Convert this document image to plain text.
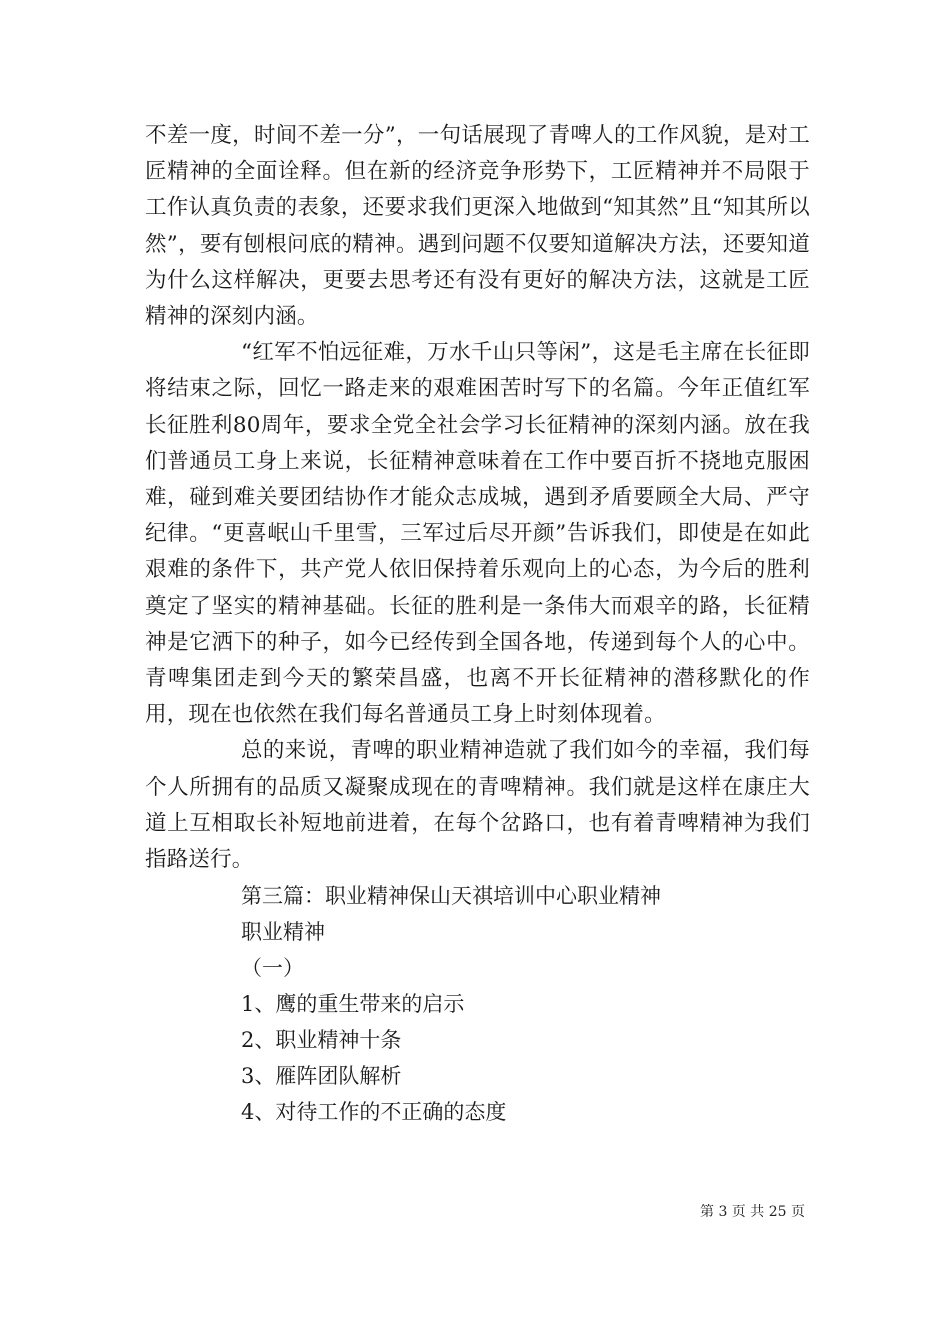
不差一度，时间不差一分”，一句话展现了青啤人的工作风貌，是对工匠精神的全面诠释。但在新的经济竞争形势下，工匠精神并不局限于工作认真负责的表象，还要求我们更深入地做到“知其然”且“知其所以然”，要有刨根问底的精神。遇到问题不仅要知道解决方法，还要知道为什么这样解决，更要去思考还有没有更好的解决方法，这就是工匠精神的深刻内涵。

“红军不怕远征难，万水千山只等闲”，这是毛主席在长征即将结束之际，回忆一路走来的艰难困苦时写下的名篇。今年正值红军长征胜利80周年，要求全党全社会学习长征精神的深刻内涵。放在我们普通员工身上来说，长征精神意味着在工作中要百折不挠地克服困难，碰到难关要团结协作才能众志成城，遇到矛盾要顾全大局、严守纪律。“更喜岷山千里雪，三军过后尽开颜”告诉我们，即使是在如此艰难的条件下，共产党人依旧保持着乐观向上的心态，为今后的胜利奠定了坚实的精神基础。长征的胜利是一条伟大而艰辛的路，长征精神是它洒下的种子，如今已经传到全国各地，传递到每个人的心中。青啤集团走到今天的繁荣昌盛，也离不开长征精神的潜移默化的作用，现在也依然在我们每名普通员工身上时刻体现着。

总的来说，青啤的职业精神造就了我们如今的幸福，我们每个人所拥有的品质又凝聚成现在的青啤精神。我们就是这样在康庄大道上互相取长补短地前进着，在每个岔路口，也有着青啤精神为我们指路送行。

第三篇：职业精神保山天祺培训中心职业精神
职业精神
（一）
1、鹰的重生带来的启示
2、职业精神十条
3、雁阵团队解析
4、对待工作的不正确的态度
第 3 页 共 25 页
